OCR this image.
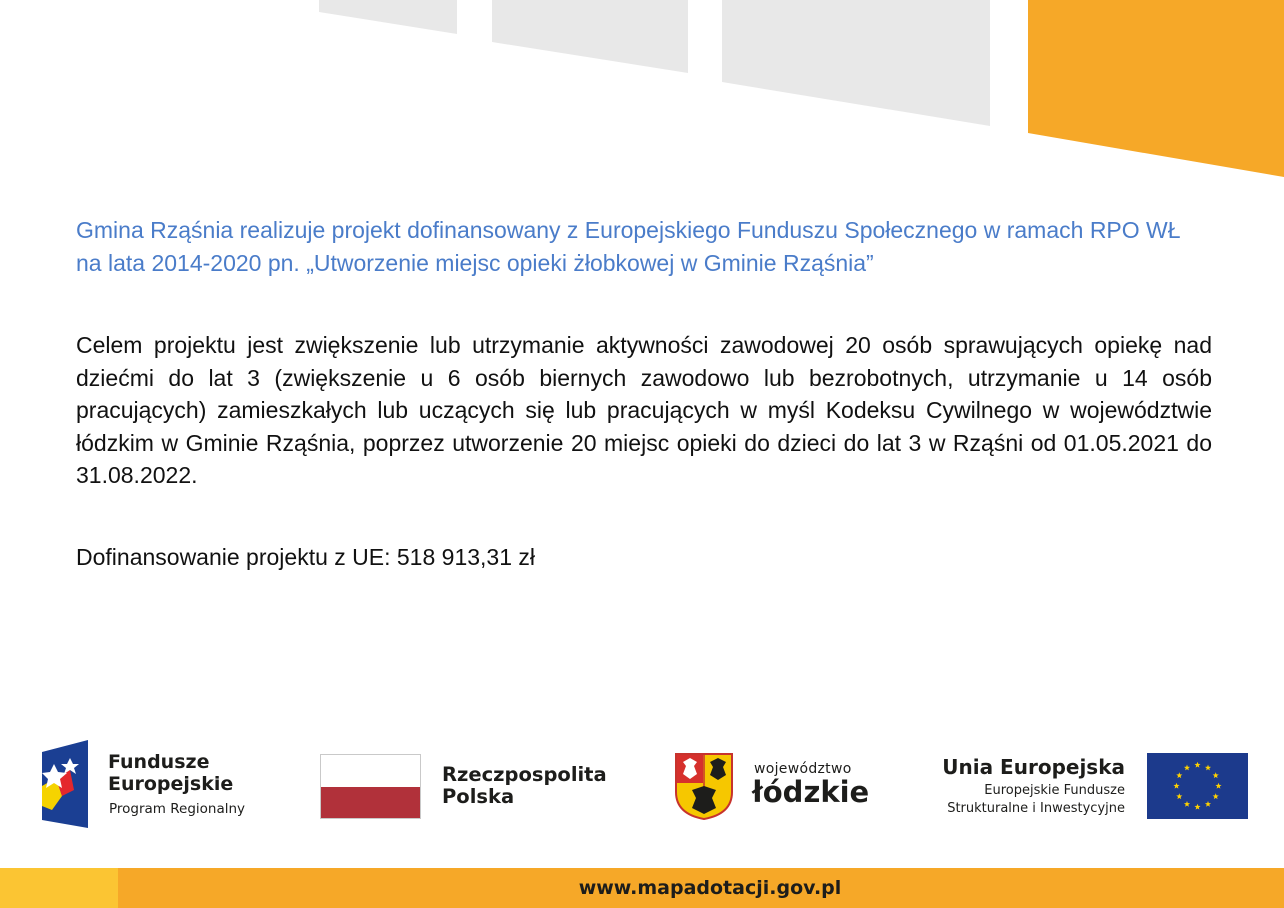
Gmina Rząśnia realizuje projekt dofinansowany z Europejskiego Funduszu Społecznego w ramach RPO WŁ na lata 2014-2020 pn. „Utworzenie miejsc opieki żłobkowej w Gminie Rząśnia”

Celem projektu jest zwiększenie lub utrzymanie aktywności zawodowej 20 osób sprawujących opiekę nad dziećmi do lat 3 (zwiększenie u 6 osób biernych zawodowo lub bezrobotnych, utrzymanie u 14 osób pracujących) zamieszkałych lub uczących się lub pracujących w myśl Kodeksu Cywilnego w województwie łódzkim w Gminie Rząśnia, poprzez utworzenie 20 miejsc opieki do dzieci do lat 3 w Rząśni od 01.05.2021 do 31.08.2022.

Dofinansowanie projektu z UE: 518 913,31 zł

Fundusze
Europejskie
Program Regionalny
Rzeczpospolita
Polska
województwo
łódzkie
Unia Europejska
Europejskie Fundusze
Strukturalne i Inwestycyjne
www.mapadotacji.gov.pl
